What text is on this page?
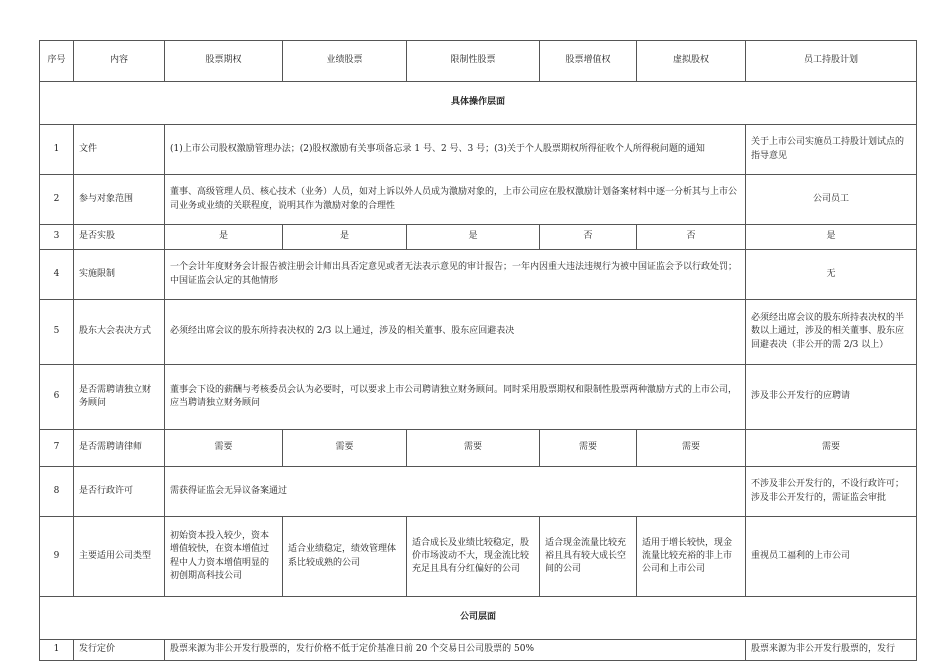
序号	内容	股票期权	业绩股票	限制性股票	股票增值权	虚拟股权	员工持股计划
具体操作层面							
1	文件	(1)上市公司股权激励管理办法；(2)股权激励有关事项备忘录 1 号、2 号、3 号；(3)关于个人股票期权所得征收个人所得税问题的通知					关于上市公司实施员工持股计划试点的指导意见
2	参与对象范围	董事、高级管理人员、核心技术（业务）人员，如对上诉以外人员成为激励对象的，上市公司应在股权激励计划备案材料中逐一分析其与上市公司业务或业绩的关联程度，说明其作为激励对象的合理性					公司员工
3	是否实股	是	是	是	否	否	是
4	实施限制	一个会计年度财务会计报告被注册会计师出具否定意见或者无法表示意见的审计报告；一年内因重大违法违规行为被中国证监会予以行政处罚；中国证监会认定的其他情形					无
5	股东大会表决方式	必须经出席会议的股东所持表决权的 2/3 以上通过，涉及的相关董事、股东应回避表决					必须经出席会议的股东所持表决权的半数以上通过，涉及的相关董事、股东应回避表决（非公开的需 2/3 以上）
6	是否需聘请独立财务顾问	董事会下设的薪酬与考核委员会认为必要时，可以要求上市公司聘请独立财务顾问。同时采用股票期权和限制性股票两种激励方式的上市公司，应当聘请独立财务顾问					涉及非公开发行的应聘请
7	是否需聘请律师	需要	需要	需要	需要	需要	需要
8	是否行政许可	需获得证监会无异议备案通过					不涉及非公开发行的，不设行政许可；涉及非公开发行的，需证监会审批
9	主要适用公司类型	初始资本投入较少，资本增值较快，在资本增值过程中人力资本增值明显的初创期高科技公司	适合业绩稳定，绩效管理体系比较成熟的公司	适合成长及业绩比较稳定，股价市场波动不大，现金流比较充足且具有分红偏好的公司	适合现金流量比较充裕且具有较大成长空间的公司	适用于增长较快，现金流量比较充裕的非上市公司和上市公司	重视员工福利的上市公司
公司层面							
1	发行定价	股票来源为非公开发行股票的，发行价格不低于定价基准日前 20 个交易日公司股票的 50%					股票来源为非公开发行股票的，发行
